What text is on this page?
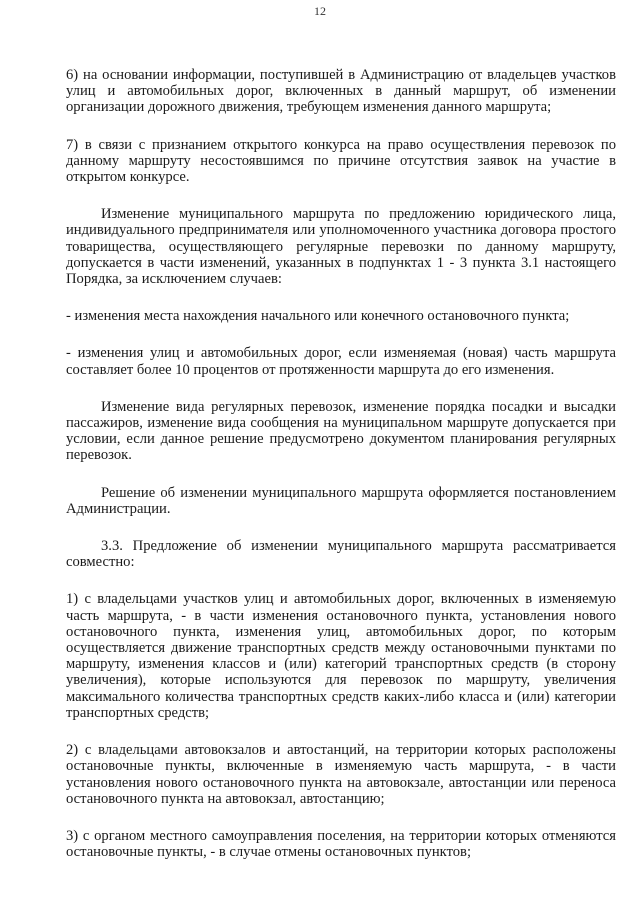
12

6) на основании информации, поступившей в Администрацию от владельцев участков улиц и автомобильных дорог, включенных в данный маршрут, об изменении организации дорожного движения, требующем изменения данного маршрута;

7) в связи с признанием открытого конкурса на право осуществления перевозок по данному маршруту несостоявшимся по причине отсутствия заявок на участие в открытом конкурсе.

Изменение муниципального маршрута по предложению юридического лица, индивидуального предпринимателя или уполномоченного участника договора простого товарищества, осуществляющего регулярные перевозки по данному маршруту, допускается в части изменений, указанных в подпунктах 1 - 3 пункта 3.1 настоящего Порядка, за исключением случаев:

- изменения места нахождения начального или конечного остановочного пункта;

- изменения улиц и автомобильных дорог, если изменяемая (новая) часть маршрута составляет более 10 процентов от протяженности маршрута до его изменения.

Изменение вида регулярных перевозок, изменение порядка посадки и высадки пассажиров, изменение вида сообщения на муниципальном маршруте допускается при условии, если данное решение предусмотрено документом планирования регулярных перевозок.

Решение об изменении муниципального маршрута оформляется постановлением Администрации.

3.3. Предложение об изменении муниципального маршрута рассматривается совместно:

1) с владельцами участков улиц и автомобильных дорог, включенных в изменяемую часть маршрута, - в части изменения остановочного пункта, установления нового остановочного пункта, изменения улиц, автомобильных дорог, по которым осуществляется движение транспортных средств между остановочными пунктами по маршруту, изменения классов и (или) категорий транспортных средств (в сторону увеличения), которые используются для перевозок по маршруту, увеличения максимального количества транспортных средств каких-либо класса и (или) категории транспортных средств;

2) с владельцами автовокзалов и автостанций, на территории которых расположены остановочные пункты, включенные в изменяемую часть маршрута, - в части установления нового остановочного пункта на автовокзале, автостанции или переноса остановочного пункта на автовокзал, автостанцию;

3) с органом местного самоуправления поселения, на территории которых отменяются остановочные пункты, - в случае отмены остановочных пунктов;
